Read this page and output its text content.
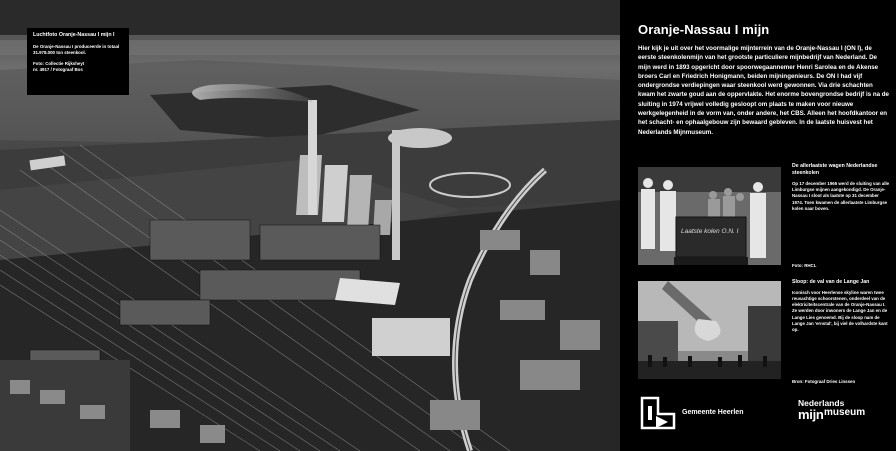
Luchtfoto Oranje-Nassau I mijn I
De Oranje-Nassau I produceerde in totaal 31.978.000 ton steenkool.
Foto: Collectie Rijksheyt
nr. 4917 / Fotograaf Bos
Oranje-Nassau I mijn

Hier kijk je uit over het voormalige mijnterrein van de Oranje-Nassau I (ON I), de eerste steenkolenmijn van het grootste particuliere mijnbedrijf van Nederland. De mijn werd in 1893 opgericht door spoorwegaannemer Henri Sarolea en de Akense broers Carl en Friedrich Honigmann, beiden mijningenieurs. De ON I had vijf ondergrondse verdiepingen waar steenkool werd gewonnen. Via drie schachten kwam het zwarte goud aan de oppervlakte. Het enorme bovengrondse bedrijf is na de sluiting in 1974 vrijwel volledig gesloopt om plaats te maken voor nieuwe werkgelegenheid in de vorm van, onder andere, het CBS. Alleen het hoofdkantoor en het schacht- en ophaalgebouw zijn bewaard gebleven. In de laatste huisvest het Nederlands Mijnmuseum.

Laatste kolen O.N. I
De allerlaatste wagen Nederlandse steenkolen
Op 17 december 1965 werd de sluiting van alle Limburgse mijnen aangekondigd. De Oranje-Nassau I sloot als laatste op 31 december 1974. Toen kwamen de allerlaatste Limburgse kolen naar boven.
Foto: RHCL
Sloop: de val van de Lange Jan
Iconisch voor Heerlense skyline waren twee reusachtige schoorstenen, onderdeel van de elektriciteitscentrale van de Oranje-Nassau I. Ze werden door inwoners de Lange Jan en de Lange Lies genoemd. Bij de sloop nam de Lange Jan 'ernstal', bij viel de volhardste kant op.
Bron: Fotograaf Dries Linssen
Gemeente Heerlen
Nederlands
mijn museum
